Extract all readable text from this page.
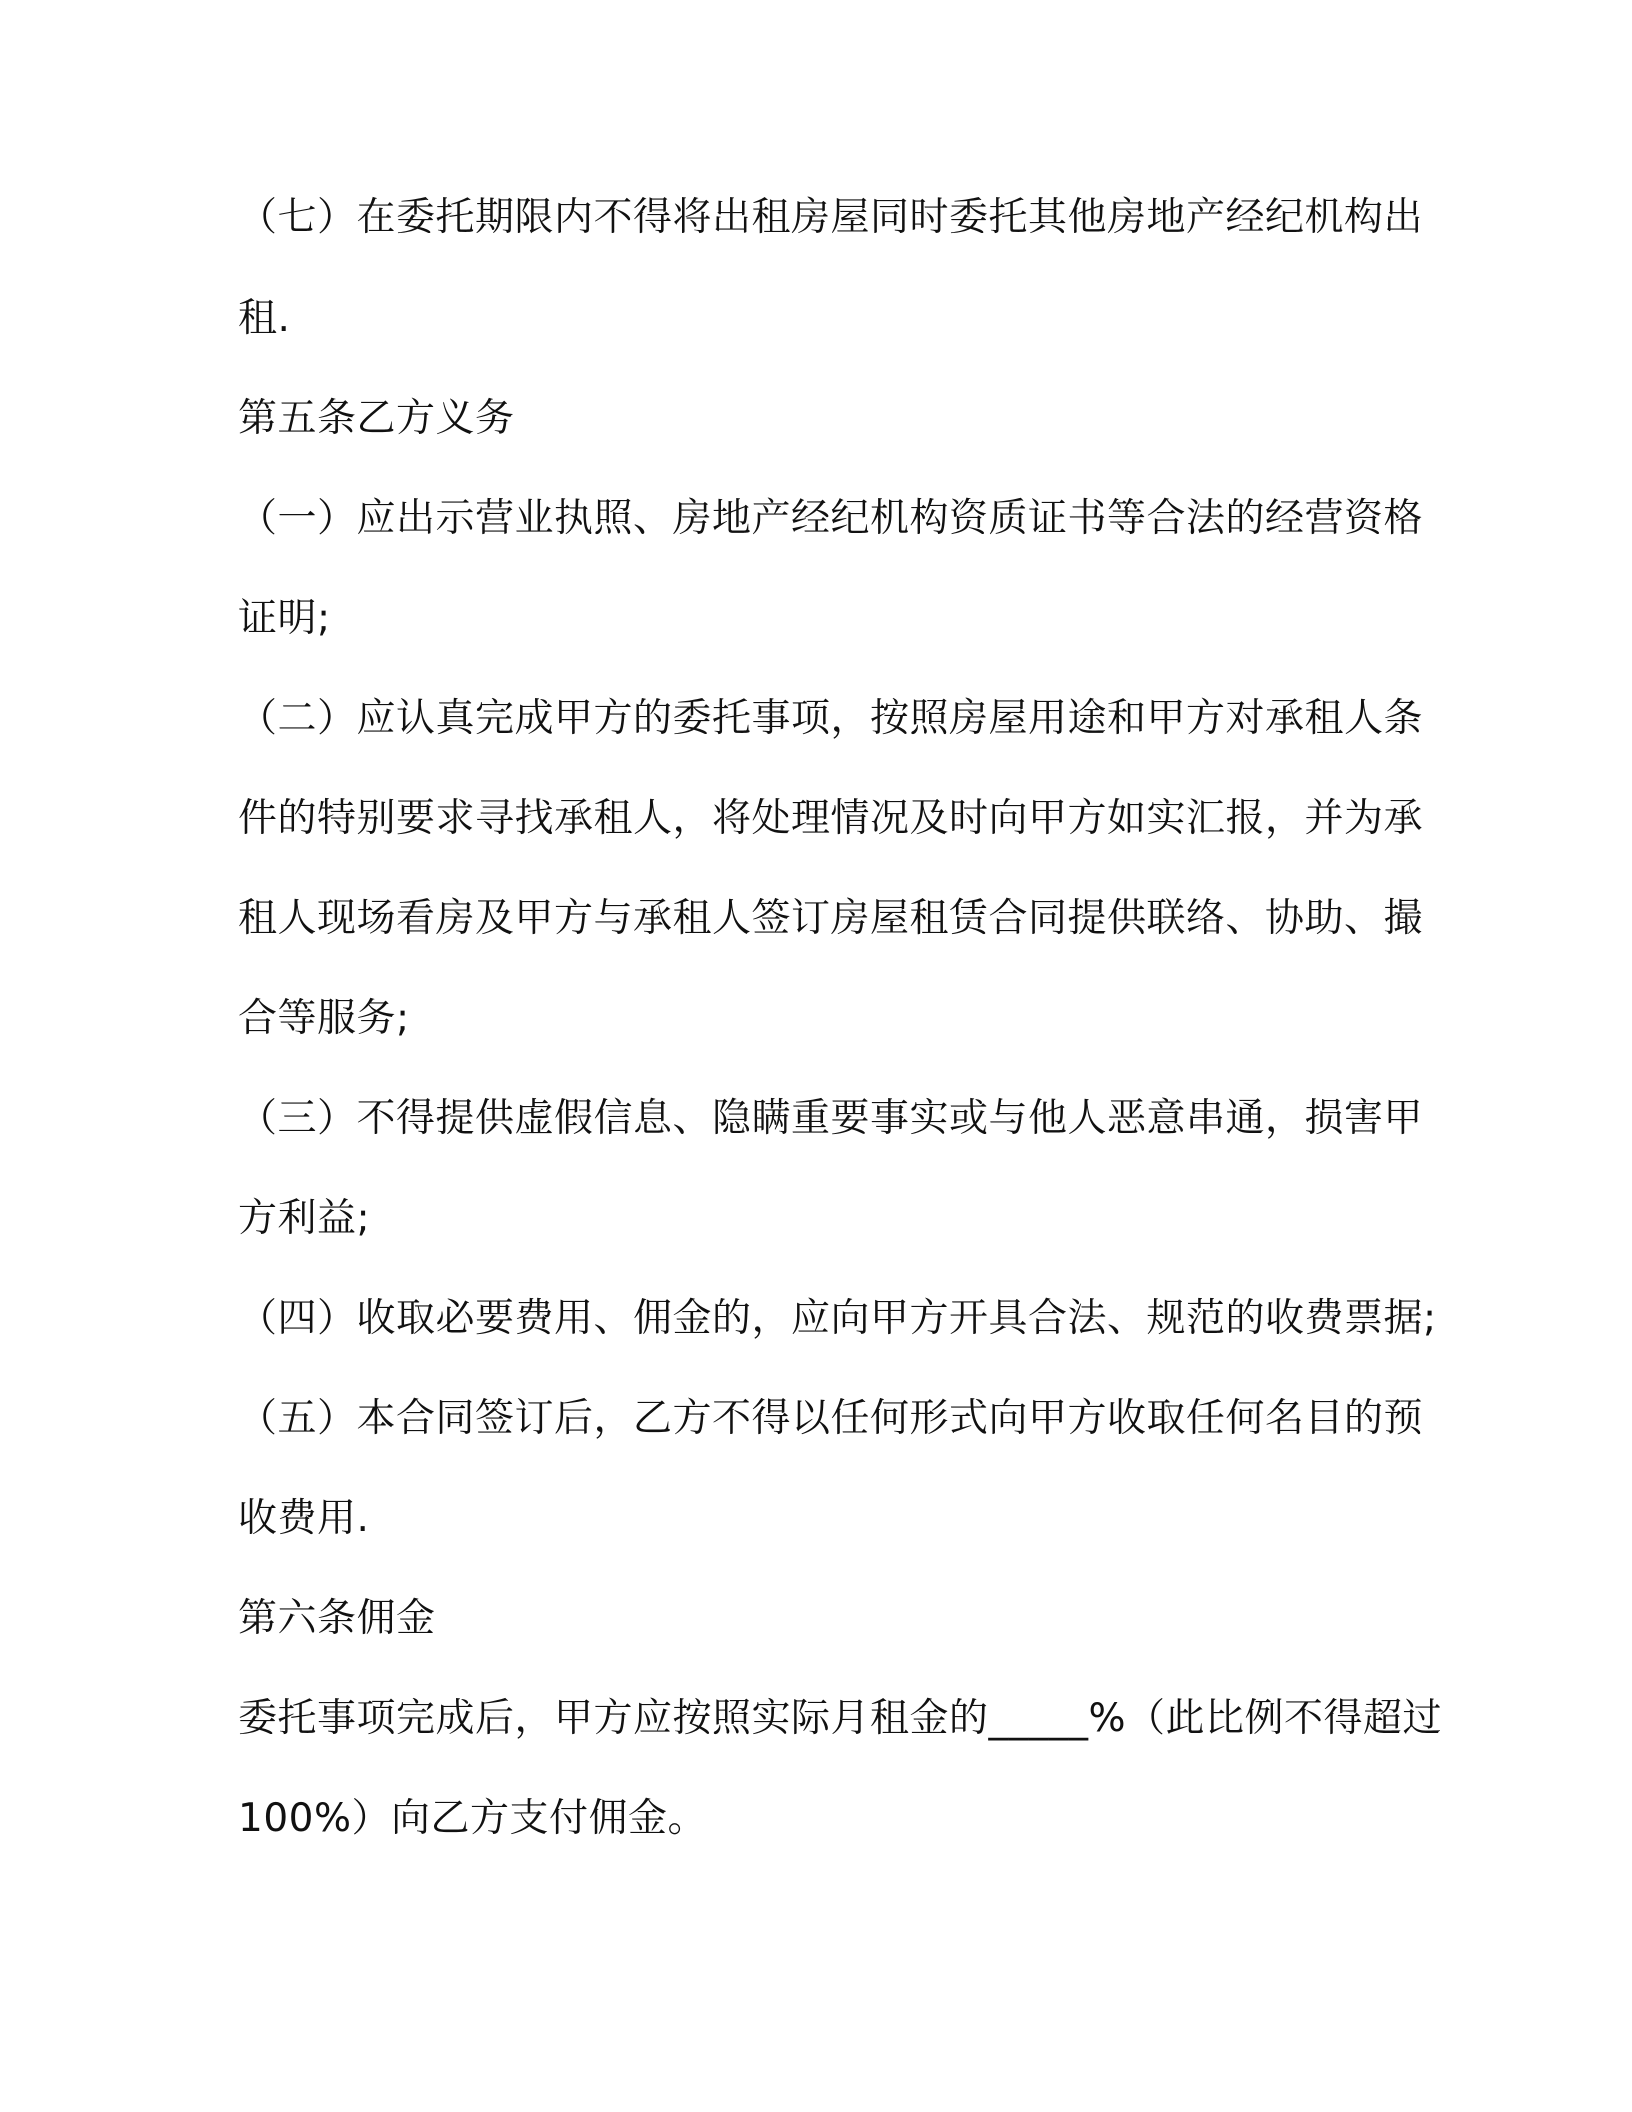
（七）在委托期限内不得将出租房屋同时委托其他房地产经纪机构出
租.
第五条乙方义务
（一）应出示营业执照、房地产经纪机构资质证书等合法的经营资格
证明;
（二）应认真完成甲方的委托事项，按照房屋用途和甲方对承租人条
件的特别要求寻找承租人，将处理情况及时向甲方如实汇报，并为承
租人现场看房及甲方与承租人签订房屋租赁合同提供联络、协助、撮
合等服务;
（三）不得提供虚假信息、隐瞒重要事实或与他人恶意串通，损害甲
方利益;
（四）收取必要费用、佣金的，应向甲方开具合法、规范的收费票据;
（五）本合同签订后，乙方不得以任何形式向甲方收取任何名目的预
收费用.
第六条佣金
委托事项完成后，甲方应按照实际月租金的_____%（此比例不得超过
100%）向乙方支付佣金。
